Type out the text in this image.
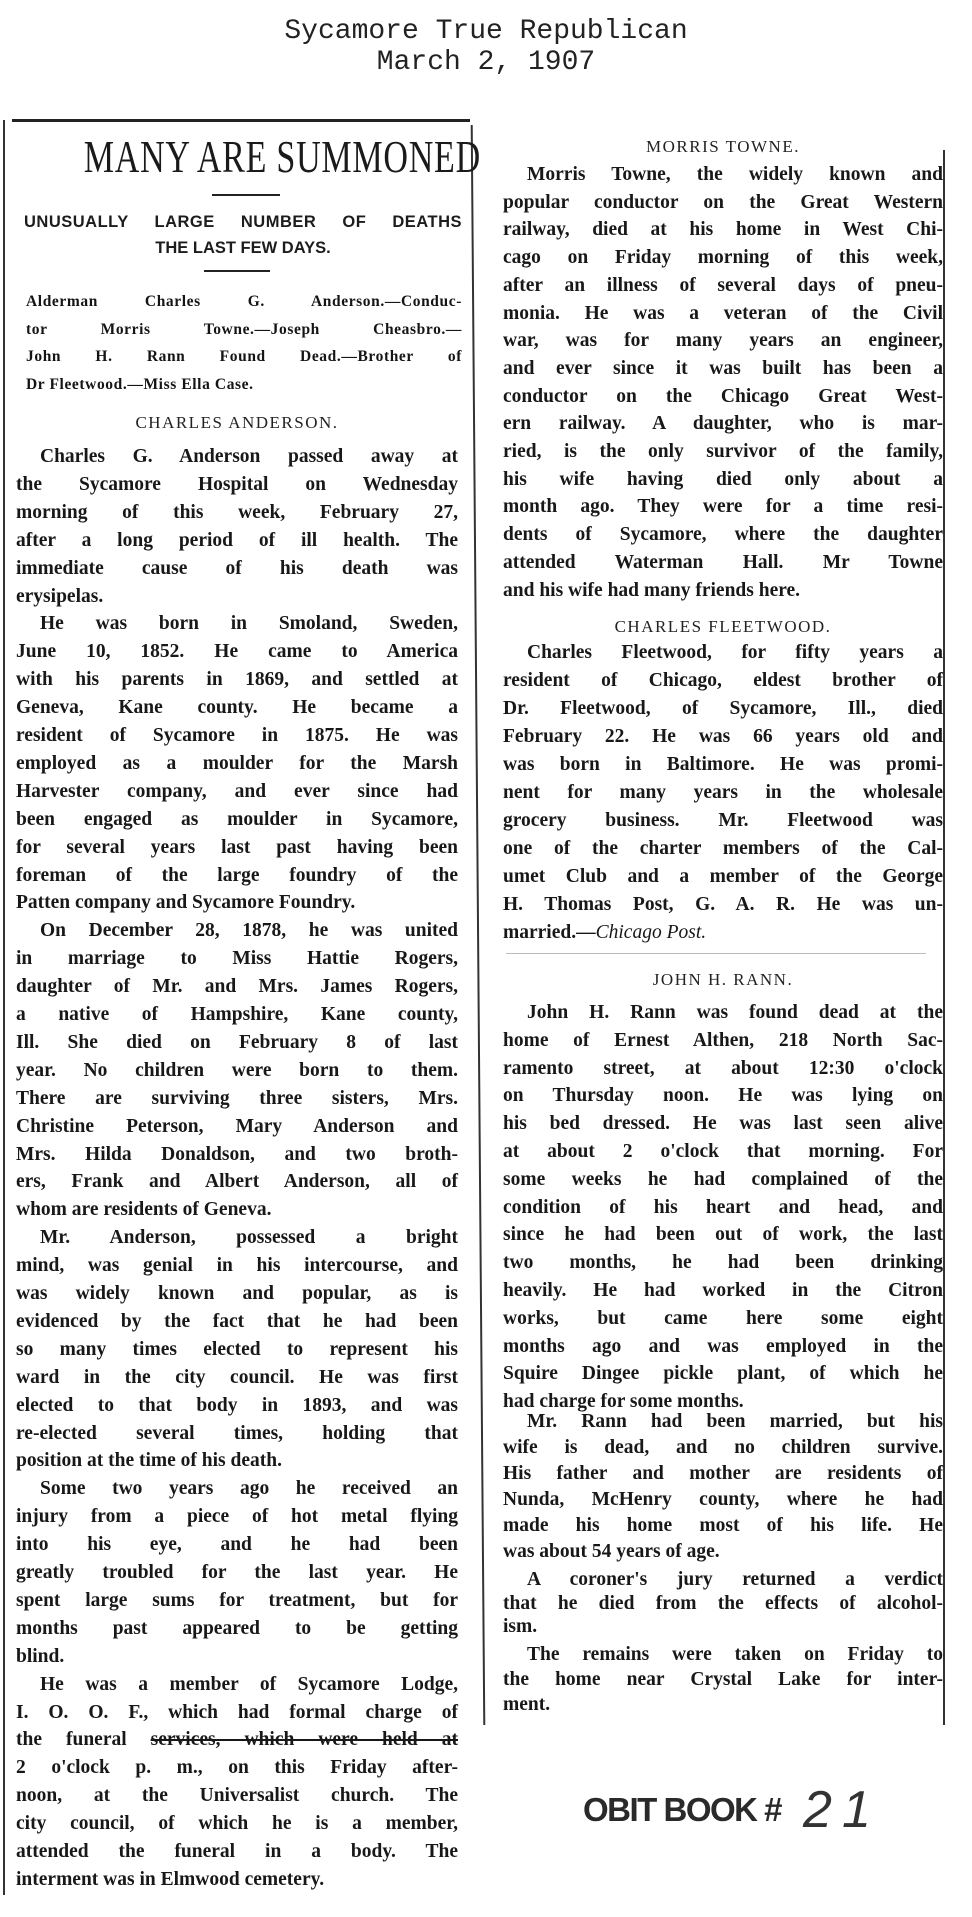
Sycamore True Republican
March 2, 1907
MANY ARE SUMMONED
UNUSUALLY LARGE NUMBER OF DEATHS
THE LAST FEW DAYS.
Alderman Charles G. Anderson.—Conduc-
tor Morris Towne.—Joseph Cheasbro.—
John H. Rann Found Dead.—Brother of
Dr Fleetwood.—Miss Ella Case.
CHARLES ANDERSON.
Charles G. Anderson passed away at
the Sycamore Hospital on Wednesday
morning of this week, February 27,
after a long period of ill health. The
immediate cause of his death was
erysipelas.
He was born in Smoland, Sweden,
June 10, 1852. He came to America
with his parents in 1869, and settled at
Geneva, Kane county. He became a
resident of Sycamore in 1875. He was
employed as a moulder for the Marsh
Harvester company, and ever since had
been engaged as moulder in Sycamore,
for several years last past having been
foreman of the large foundry of the
Patten company and Sycamore Foundry.
On December 28, 1878, he was united
in marriage to Miss Hattie Rogers,
daughter of Mr. and Mrs. James Rogers,
a native of Hampshire, Kane county,
Ill. She died on February 8 of last
year. No children were born to them.
There are surviving three sisters, Mrs.
Christine Peterson, Mary Anderson and
Mrs. Hilda Donaldson, and two broth-
ers, Frank and Albert Anderson, all of
whom are residents of Geneva.
Mr. Anderson, possessed a bright
mind, was genial in his intercourse, and
was widely known and popular, as is
evidenced by the fact that he had been
so many times elected to represent his
ward in the city council. He was first
elected to that body in 1893, and was
re-elected several times, holding that
position at the time of his death.
Some two years ago he received an
injury from a piece of hot metal flying
into his eye, and he had been
greatly troubled for the last year. He
spent large sums for treatment, but for
months past appeared to be getting
blind.
He was a member of Sycamore Lodge,
I. O. O. F., which had formal charge of
the funeral services, which were held at
2 o'clock p. m., on this Friday after-
noon, at the Universalist church. The
city council, of which he is a member,
attended the funeral in a body. The
interment was in Elmwood cemetery.
MORRIS TOWNE.
Morris Towne, the widely known and
popular conductor on the Great Western
railway, died at his home in West Chi-
cago on Friday morning of this week,
after an illness of several days of pneu-
monia. He was a veteran of the Civil
war, was for many years an engineer,
and ever since it was built has been a
conductor on the Chicago Great West-
ern railway. A daughter, who is mar-
ried, is the only survivor of the family,
his wife having died only about a
month ago. They were for a time resi-
dents of Sycamore, where the daughter
attended Waterman Hall. Mr Towne
and his wife had many friends here.
CHARLES FLEETWOOD.
Charles Fleetwood, for fifty years a
resident of Chicago, eldest brother of
Dr. Fleetwood, of Sycamore, Ill., died
February 22. He was 66 years old and
was born in Baltimore. He was promi-
nent for many years in the wholesale
grocery business. Mr. Fleetwood was
one of the charter members of the Cal-
umet Club and a member of the George
H. Thomas Post, G. A. R. He was un-
married.—Chicago Post.
JOHN H. RANN.
John H. Rann was found dead at the
home of Ernest Althen, 218 North Sac-
ramento street, at about 12:30 o'clock
on Thursday noon. He was lying on
his bed dressed. He was last seen alive
at about 2 o'clock that morning. For
some weeks he had complained of the
condition of his heart and head, and
since he had been out of work, the last
two months, he had been drinking
heavily. He had worked in the Citron
works, but came here some eight
months ago and was employed in the
Squire Dingee pickle plant, of which he
had charge for some months.
Mr. Rann had been married, but his
wife is dead, and no children survive.
His father and mother are residents of
Nunda, McHenry county, where he had
made his home most of his life. He
was about 54 years of age.
A coroner's jury returned a verdict
that he died from the effects of alcohol-
ism.
The remains were taken on Friday to
the home near Crystal Lake for inter-
ment.
OBIT BOOK # 21
